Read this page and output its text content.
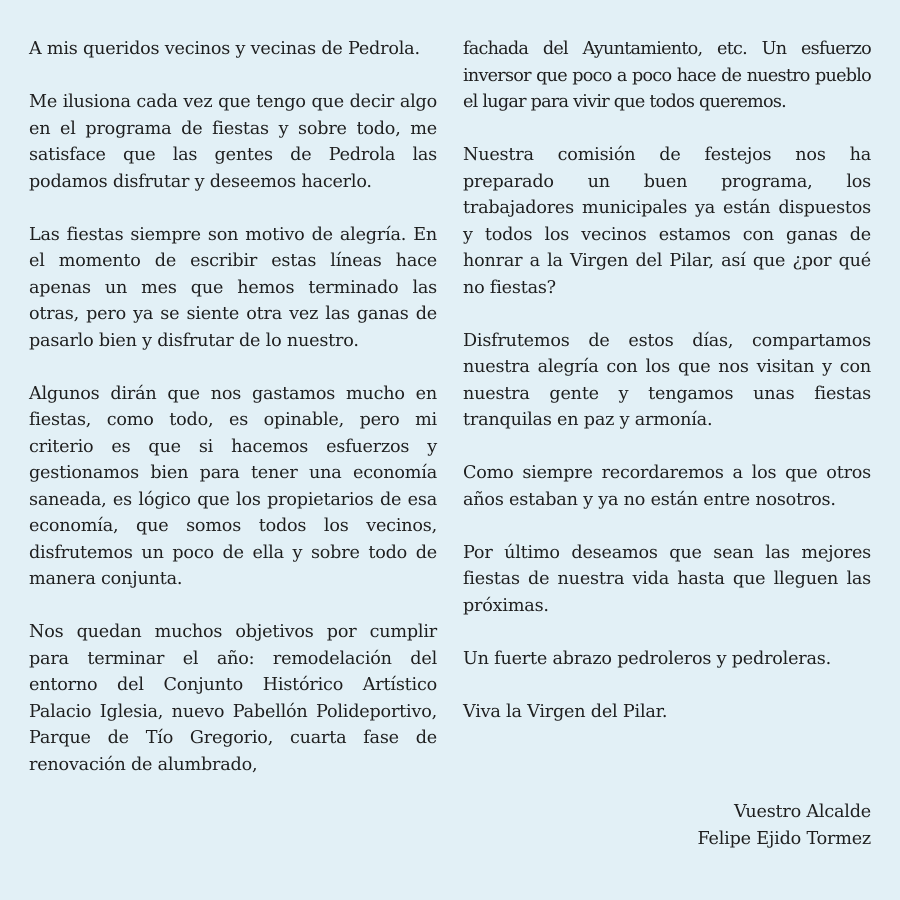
A mis queridos vecinos y vecinas de Pedrola.

Me ilusiona cada vez que tengo que decir algo en el programa de fiestas y sobre todo, me satisface que las gentes de Pedrola las podamos disfrutar y deseemos hacerlo.

Las fiestas siempre son motivo de alegría. En el momento de escribir estas líneas hace apenas un mes que hemos terminado las otras, pero ya se siente otra vez las ganas de pasarlo bien y disfrutar de lo nuestro.

Algunos dirán que nos gastamos mucho en fiestas, como todo, es opinable, pero mi criterio es que si hacemos esfuerzos y gestionamos bien para tener una economía saneada, es lógico que los propietarios de esa economía, que somos todos los vecinos, disfrutemos un poco de ella y sobre todo de manera conjunta.

Nos quedan muchos objetivos por cumplir para terminar el año: remodelación del entorno del Conjunto Histórico Artístico Palacio Iglesia, nuevo Pabellón Polideportivo, Parque de Tío Gregorio, cuarta fase de renovación de alumbrado,

fachada del Ayuntamiento, etc. Un esfuerzo inversor que poco a poco hace de nuestro pueblo el lugar para vivir que todos queremos.

Nuestra comisión de festejos nos ha preparado un buen programa, los trabajadores municipales ya están dispuestos y todos los vecinos estamos con ganas de honrar a la Virgen del Pilar, así que ¿por qué no fiestas?

Disfrutemos de estos días, compartamos nuestra alegría con los que nos visitan y con nuestra gente y tengamos unas fiestas tranquilas en paz y armonía.

Como siempre recordaremos a los que otros años estaban y ya no están entre nosotros.

Por último deseamos que sean las mejores fiestas de nuestra vida hasta que lleguen las próximas.

Un fuerte abrazo pedroleros y pedroleras.

Viva la Virgen del Pilar.

Vuestro Alcalde
Felipe Ejido Tormez
